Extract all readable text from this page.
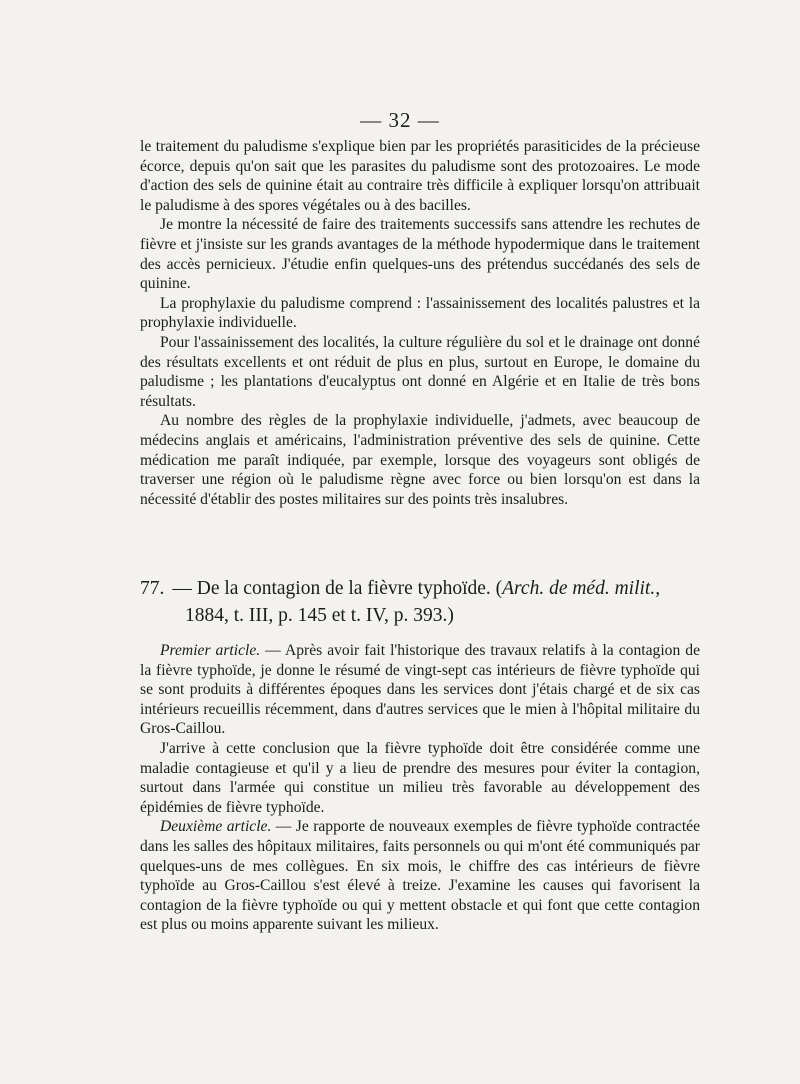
— 32 —

le traitement du paludisme s'explique bien par les propriétés parasiticides de la précieuse écorce, depuis qu'on sait que les parasites du paludisme sont des protozoaires. Le mode d'action des sels de quinine était au contraire très difficile à expliquer lorsqu'on attribuait le paludisme à des spores végétales ou à des bacilles.

Je montre la nécessité de faire des traitements successifs sans attendre les rechutes de fièvre et j'insiste sur les grands avantages de la méthode hypodermique dans le traitement des accès pernicieux. J'étudie enfin quelques-uns des prétendus succédanés des sels de quinine.

La prophylaxie du paludisme comprend : l'assainissement des localités palustres et la prophylaxie individuelle.

Pour l'assainissement des localités, la culture régulière du sol et le drainage ont donné des résultats excellents et ont réduit de plus en plus, surtout en Europe, le domaine du paludisme ; les plantations d'eucalyptus ont donné en Algérie et en Italie de très bons résultats.

Au nombre des règles de la prophylaxie individuelle, j'admets, avec beaucoup de médecins anglais et américains, l'administration préventive des sels de quinine. Cette médication me paraît indiquée, par exemple, lorsque des voyageurs sont obligés de traverser une région où le paludisme règne avec force ou bien lorsqu'on est dans la nécessité d'établir des postes militaires sur des points très insalubres.

77. — De la contagion de la fièvre typhoïde. (Arch. de méd. milit.,
1884, t. III, p. 145 et t. IV, p. 393.)

Premier article. — Après avoir fait l'historique des travaux relatifs à la contagion de la fièvre typhoïde, je donne le résumé de vingt-sept cas intérieurs de fièvre typhoïde qui se sont produits à différentes époques dans les services dont j'étais chargé et de six cas intérieurs recueillis récemment, dans d'autres services que le mien à l'hôpital militaire du Gros-Caillou.

J'arrive à cette conclusion que la fièvre typhoïde doit être considérée comme une maladie contagieuse et qu'il y a lieu de prendre des mesures pour éviter la contagion, surtout dans l'armée qui constitue un milieu très favorable au développement des épidémies de fièvre typhoïde.

Deuxième article. — Je rapporte de nouveaux exemples de fièvre typhoïde contractée dans les salles des hôpitaux militaires, faits personnels ou qui m'ont été communiqués par quelques-uns de mes collègues. En six mois, le chiffre des cas intérieurs de fièvre typhoïde au Gros-Caillou s'est élevé à treize. J'examine les causes qui favorisent la contagion de la fièvre typhoïde ou qui y mettent obstacle et qui font que cette contagion est plus ou moins apparente suivant les milieux.
